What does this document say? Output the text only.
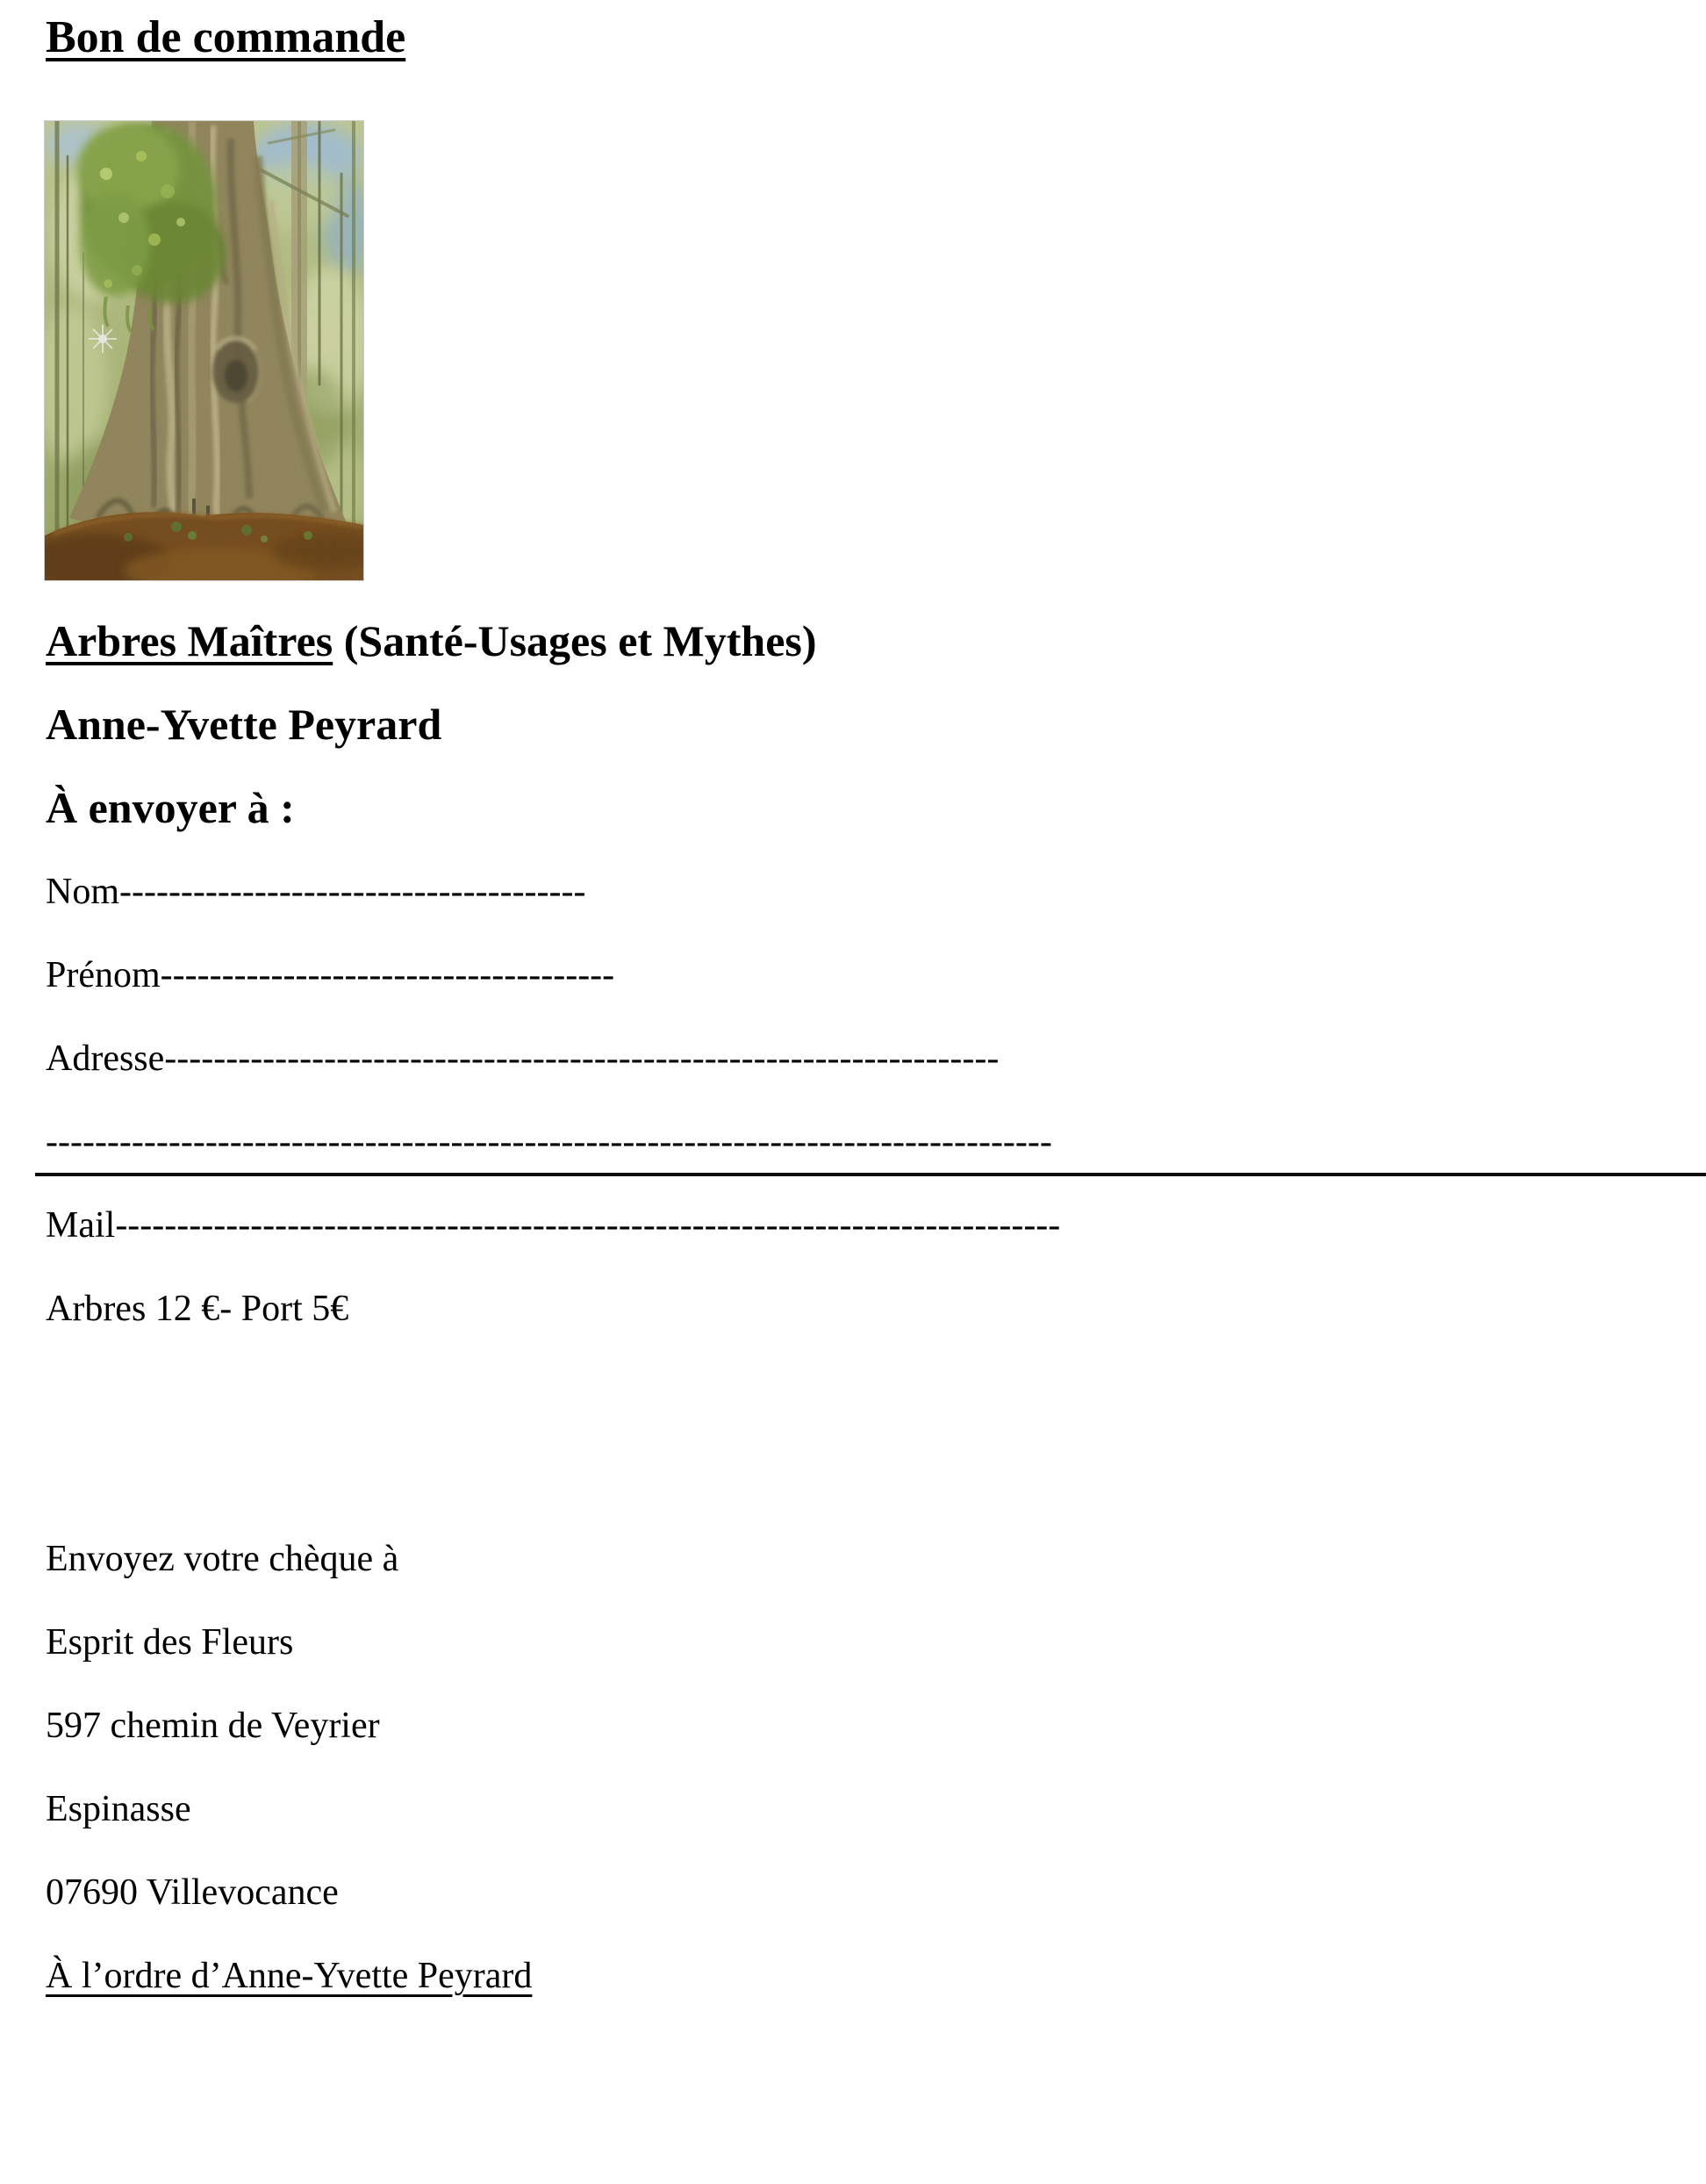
Bon de commande
Arbres Maîtres (Santé-Usages et Mythes)
Anne-Yvette Peyrard
À envoyer à :
Nom--------------------------------------
Prénom-------------------------------------
Adresse--------------------------------------------------------------------
----------------------------------------------------------------------------------
Mail-----------------------------------------------------------------------------
Arbres 12 €- Port 5€
Envoyez votre chèque à
Esprit des Fleurs
597 chemin de Veyrier
Espinasse
07690 Villevocance
À l’ordre d’Anne-Yvette Peyrard
